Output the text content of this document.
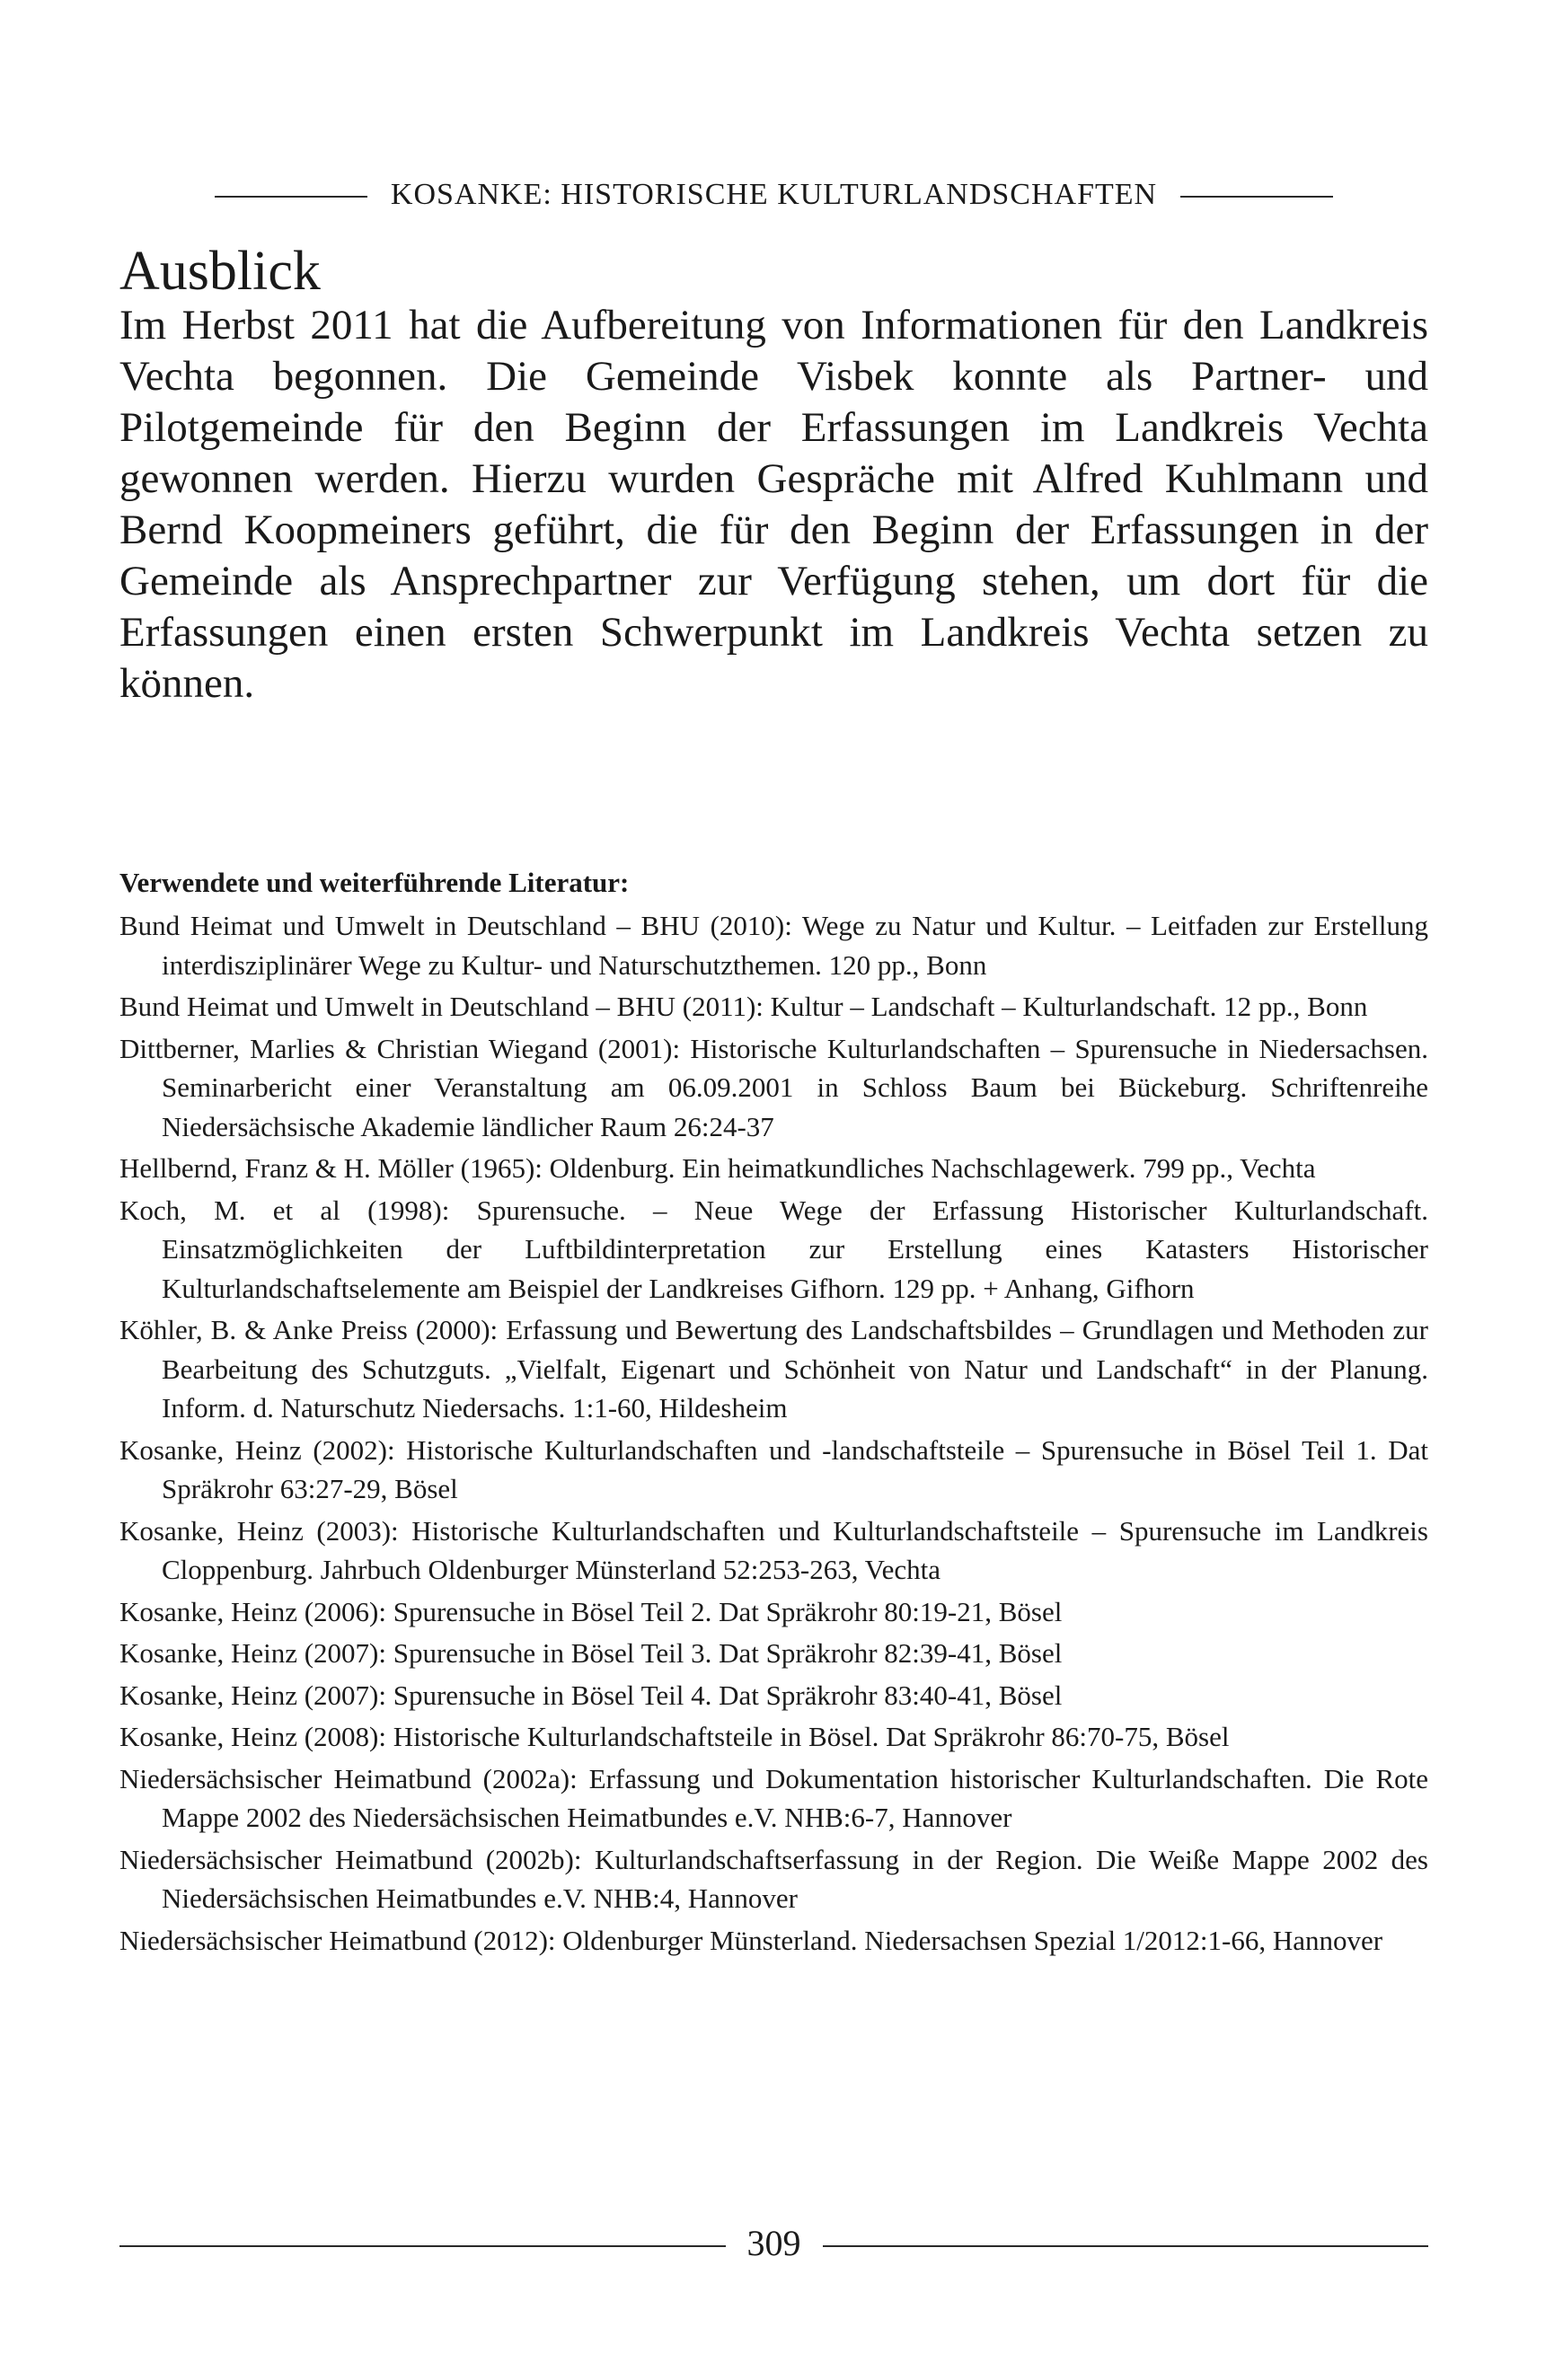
KOSANKE: HISTORISCHE KULTURLANDSCHAFTEN
Ausblick

Im Herbst 2011 hat die Aufbereitung von Informationen für den Landkreis Vechta begonnen. Die Gemeinde Visbek konnte als Partner- und Pilotgemeinde für den Beginn der Erfassungen im Landkreis Vechta gewonnen werden. Hierzu wurden Gespräche mit Alfred Kuhlmann und Bernd Koopmeiners geführt, die für den Beginn der Erfassungen in der Gemeinde als Ansprechpartner zur Verfügung stehen, um dort für die Erfassungen einen ersten Schwerpunkt im Landkreis Vechta setzen zu können.

Verwendete und weiterführende Literatur:

Bund Heimat und Umwelt in Deutschland – BHU (2010): Wege zu Natur und Kultur. – Leitfaden zur Erstellung interdisziplinärer Wege zu Kultur- und Naturschutzthemen. 120 pp., Bonn
Bund Heimat und Umwelt in Deutschland – BHU (2011): Kultur – Landschaft – Kulturlandschaft. 12 pp., Bonn
Dittberner, Marlies & Christian Wiegand (2001): Historische Kulturlandschaften – Spurensuche in Niedersachsen. Seminarbericht einer Veranstaltung am 06.09.2001 in Schloss Baum bei Bückeburg. Schriftenreihe Niedersächsische Akademie ländlicher Raum 26:24-37
Hellbernd, Franz & H. Möller (1965): Oldenburg. Ein heimatkundliches Nachschlagewerk. 799 pp., Vechta
Koch, M. et al (1998): Spurensuche. – Neue Wege der Erfassung Historischer Kulturlandschaft. Einsatzmöglichkeiten der Luftbildinterpretation zur Erstellung eines Katasters Historischer Kulturlandschaftselemente am Beispiel der Landkreises Gifhorn. 129 pp. + Anhang, Gifhorn
Köhler, B. & Anke Preiss (2000): Erfassung und Bewertung des Landschaftsbildes – Grundlagen und Methoden zur Bearbeitung des Schutzguts. „Vielfalt, Eigenart und Schönheit von Natur und Landschaft“ in der Planung. Inform. d. Naturschutz Niedersachs. 1:1-60, Hildesheim
Kosanke, Heinz (2002): Historische Kulturlandschaften und -landschaftsteile – Spurensuche in Bösel Teil 1. Dat Spräkrohr 63:27-29, Bösel
Kosanke, Heinz (2003): Historische Kulturlandschaften und Kulturlandschaftsteile – Spurensuche im Landkreis Cloppenburg. Jahrbuch Oldenburger Münsterland 52:253-263, Vechta
Kosanke, Heinz (2006): Spurensuche in Bösel Teil 2. Dat Spräkrohr 80:19-21, Bösel
Kosanke, Heinz (2007): Spurensuche in Bösel Teil 3. Dat Spräkrohr 82:39-41, Bösel
Kosanke, Heinz (2007): Spurensuche in Bösel Teil 4. Dat Spräkrohr 83:40-41, Bösel
Kosanke, Heinz (2008): Historische Kulturlandschaftsteile in Bösel. Dat Spräkrohr 86:70-75, Bösel
Niedersächsischer Heimatbund (2002a): Erfassung und Dokumentation historischer Kulturlandschaften. Die Rote Mappe 2002 des Niedersächsischen Heimatbundes e.V. NHB:6-7, Hannover
Niedersächsischer Heimatbund (2002b): Kulturlandschaftserfassung in der Region. Die Weiße Mappe 2002 des Niedersächsischen Heimatbundes e.V. NHB:4, Hannover
Niedersächsischer Heimatbund (2012): Oldenburger Münsterland. Niedersachsen Spezial 1/2012:1-66, Hannover
309
